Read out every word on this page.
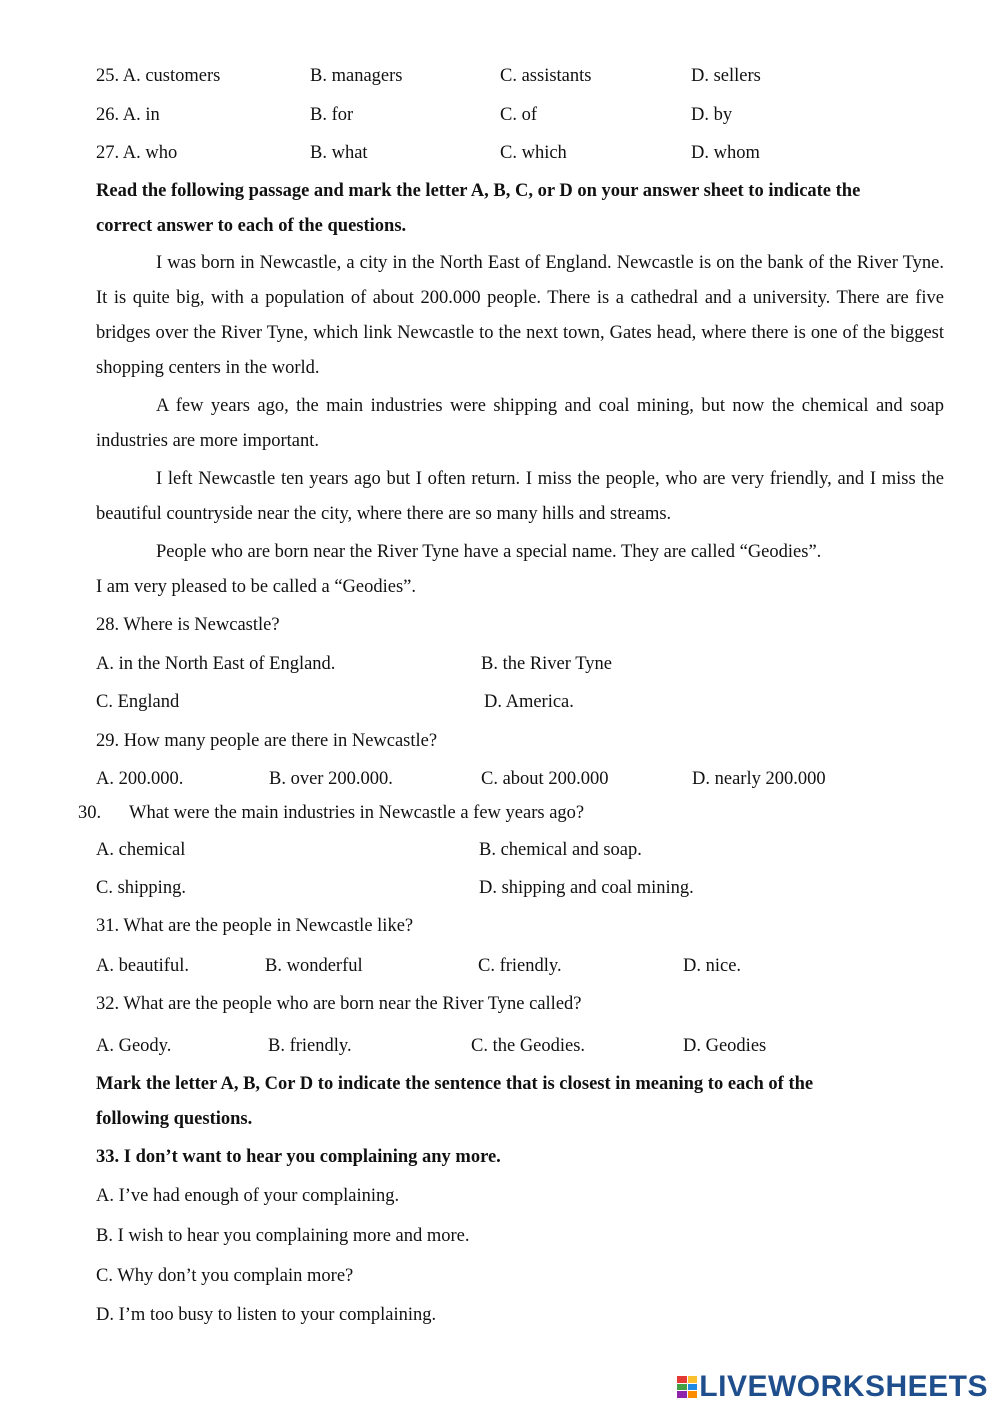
25. A. customers	B. managers	C. assistants	D. sellers
26. A. in	B. for	C. of	D. by
27. A. who	B. what	C. which	D. whom
Read the following passage and mark the letter A, B, C, or D on your answer sheet to indicate the
correct answer to each of the questions.
I was born in Newcastle, a city in the North East of England. Newcastle is on the bank of the River Tyne. It is quite big, with a population of about 200.000 people. There is a cathedral and a university. There are five bridges over the River Tyne, which link Newcastle to the next town, Gates head, where there is one of the biggest shopping centers in the world.
A few years ago, the main industries were shipping and coal mining, but now the chemical and soap industries are more important.
I left Newcastle ten years ago but I often return. I miss the people, who are very friendly, and I miss the beautiful countryside near the city, where there are so many hills and streams.
People who are born near the River Tyne have a special name. They are called “Geodies”.
I am very pleased to be called a “Geodies”.
28. Where is Newcastle?
A. in the North East of England.	B. the River Tyne
C. England	D. America.
29. How many people are there in Newcastle?
A. 200.000.	B. over 200.000.	C. about 200.000	D. nearly 200.000
30. What were the main industries in Newcastle a few years ago?
A. chemical	B. chemical and soap.
C. shipping.	D. shipping and coal mining.
31. What are the people in Newcastle like?
A. beautiful.	B. wonderful	C. friendly.	D. nice.
32. What are the people who are born near the River Tyne called?
A. Geody.	B. friendly.	C. the Geodies.	D. Geodies
Mark the letter A, B, Cor D to indicate the sentence that is closest in meaning to each of the
following questions.
33. I don’t want to hear you complaining any more.
A. I’ve had enough of your complaining.
B. I wish to hear you complaining more and more.
C. Why don’t you complain more?
D. I’m too busy to listen to your complaining.
LIVEWORKSHEETS
